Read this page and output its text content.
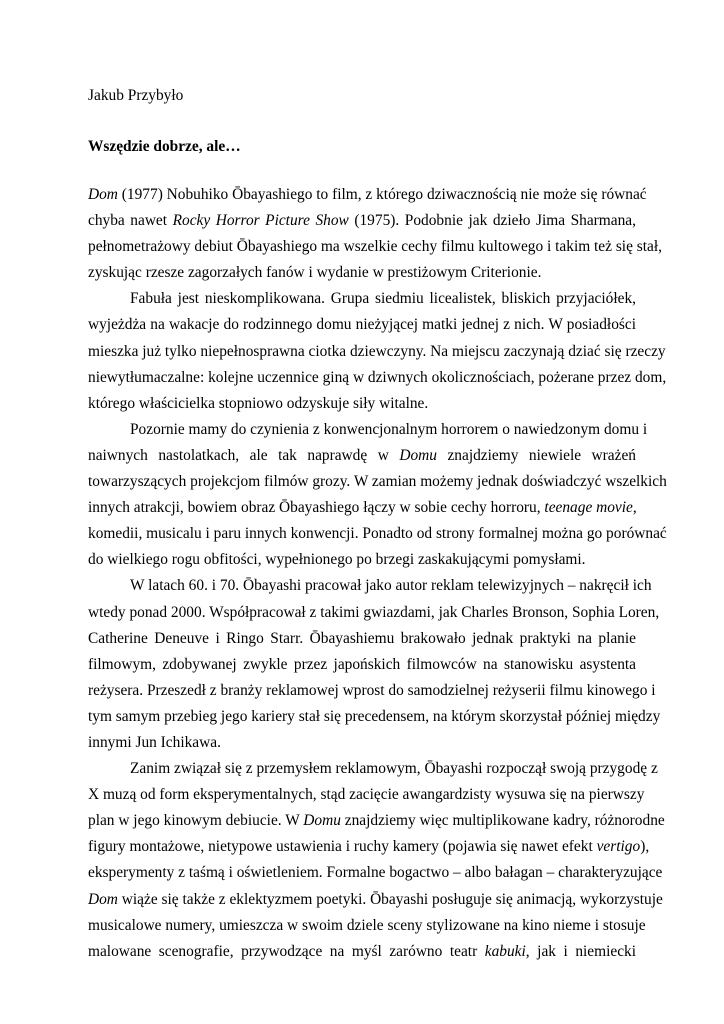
Jakub Przybyło

Wszędzie dobrze, ale…

Dom (1977) Nobuhiko Ōbayashiego to film, z którego dziwacznością nie może się równać
chyba nawet Rocky Horror Picture Show (1975). Podobnie jak dzieło Jima Sharmana,
pełnometrażowy debiut Ōbayashiego ma wszelkie cechy filmu kultowego i takim też się stał,
zyskując rzesze zagorzałych fanów i wydanie w prestiżowym Criterionie.
Fabuła jest nieskomplikowana. Grupa siedmiu licealistek, bliskich przyjaciółek,
wyjeżdża na wakacje do rodzinnego domu nieżyjącej matki jednej z nich. W posiadłości
mieszka już tylko niepełnosprawna ciotka dziewczyny. Na miejscu zaczynają dziać się rzeczy
niewytłumaczalne: kolejne uczennice giną w dziwnych okolicznościach, pożerane przez dom,
którego właścicielka stopniowo odzyskuje siły witalne.
Pozornie mamy do czynienia z konwencjonalnym horrorem o nawiedzonym domu i
naiwnych nastolatkach, ale tak naprawdę w Domu znajdziemy niewiele wrażeń
towarzyszących projekcjom filmów grozy. W zamian możemy jednak doświadczyć wszelkich
innych atrakcji, bowiem obraz Ōbayashiego łączy w sobie cechy horroru, teenage movie,
komedii, musicalu i paru innych konwencji. Ponadto od strony formalnej można go porównać
do wielkiego rogu obfitości, wypełnionego po brzegi zaskakującymi pomysłami.
W latach 60. i 70. Ōbayashi pracował jako autor reklam telewizyjnych – nakręcił ich
wtedy ponad 2000. Współpracował z takimi gwiazdami, jak Charles Bronson, Sophia Loren,
Catherine Deneuve i Ringo Starr. Ōbayashiemu brakowało jednak praktyki na planie
filmowym, zdobywanej zwykle przez japońskich filmowców na stanowisku asystenta
reżysera. Przeszedł z branży reklamowej wprost do samodzielnej reżyserii filmu kinowego i
tym samym przebieg jego kariery stał się precedensem, na którym skorzystał później między
innymi Jun Ichikawa.
Zanim związał się z przemysłem reklamowym, Ōbayashi rozpoczął swoją przygodę z
X muzą od form eksperymentalnych, stąd zacięcie awangardzisty wysuwa się na pierwszy
plan w jego kinowym debiucie. W Domu znajdziemy więc multiplikowane kadry, różnorodne
figury montażowe, nietypowe ustawienia i ruchy kamery (pojawia się nawet efekt vertigo),
eksperymenty z taśmą i oświetleniem. Formalne bogactwo – albo bałagan – charakteryzujące
Dom wiąże się także z eklektyzmem poetyki. Ōbayashi posługuje się animacją, wykorzystuje
musicalowe numery, umieszcza w swoim dziele sceny stylizowane na kino nieme i stosuje
malowane scenografie, przywodzące na myśl zarówno teatr kabuki, jak i niemiecki
